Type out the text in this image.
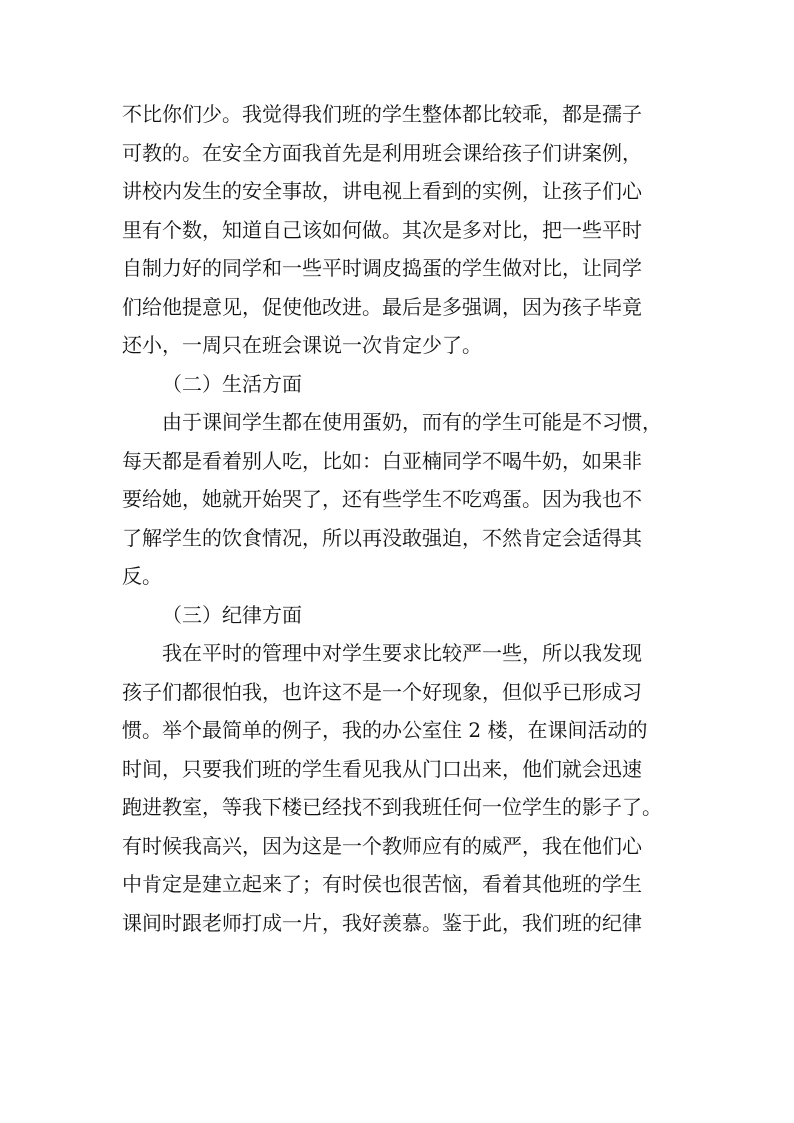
不比你们少。我觉得我们班的学生整体都比较乖，都是孺子
可教的。在安全方面我首先是利用班会课给孩子们讲案例，
讲校内发生的安全事故，讲电视上看到的实例，让孩子们心
里有个数，知道自己该如何做。其次是多对比，把一些平时
自制力好的同学和一些平时调皮捣蛋的学生做对比，让同学
们给他提意见，促使他改进。最后是多强调，因为孩子毕竟
还小，一周只在班会课说一次肯定少了。
（二）生活方面
由于课间学生都在使用蛋奶，而有的学生可能是不习惯，
每天都是看着别人吃，比如：白亚楠同学不喝牛奶，如果非
要给她，她就开始哭了，还有些学生不吃鸡蛋。因为我也不
了解学生的饮食情况，所以再没敢强迫，不然肯定会适得其
反。
（三）纪律方面
我在平时的管理中对学生要求比较严一些，所以我发现
孩子们都很怕我，也许这不是一个好现象，但似乎已形成习
惯。举个最简单的例子，我的办公室住 2 楼，在课间活动的
时间，只要我们班的学生看见我从门口出来，他们就会迅速
跑进教室，等我下楼已经找不到我班任何一位学生的影子了。
有时候我高兴，因为这是一个教师应有的威严，我在他们心
中肯定是建立起来了；有时侯也很苦恼，看着其他班的学生
课间时跟老师打成一片，我好羡慕。鉴于此，我们班的纪律
